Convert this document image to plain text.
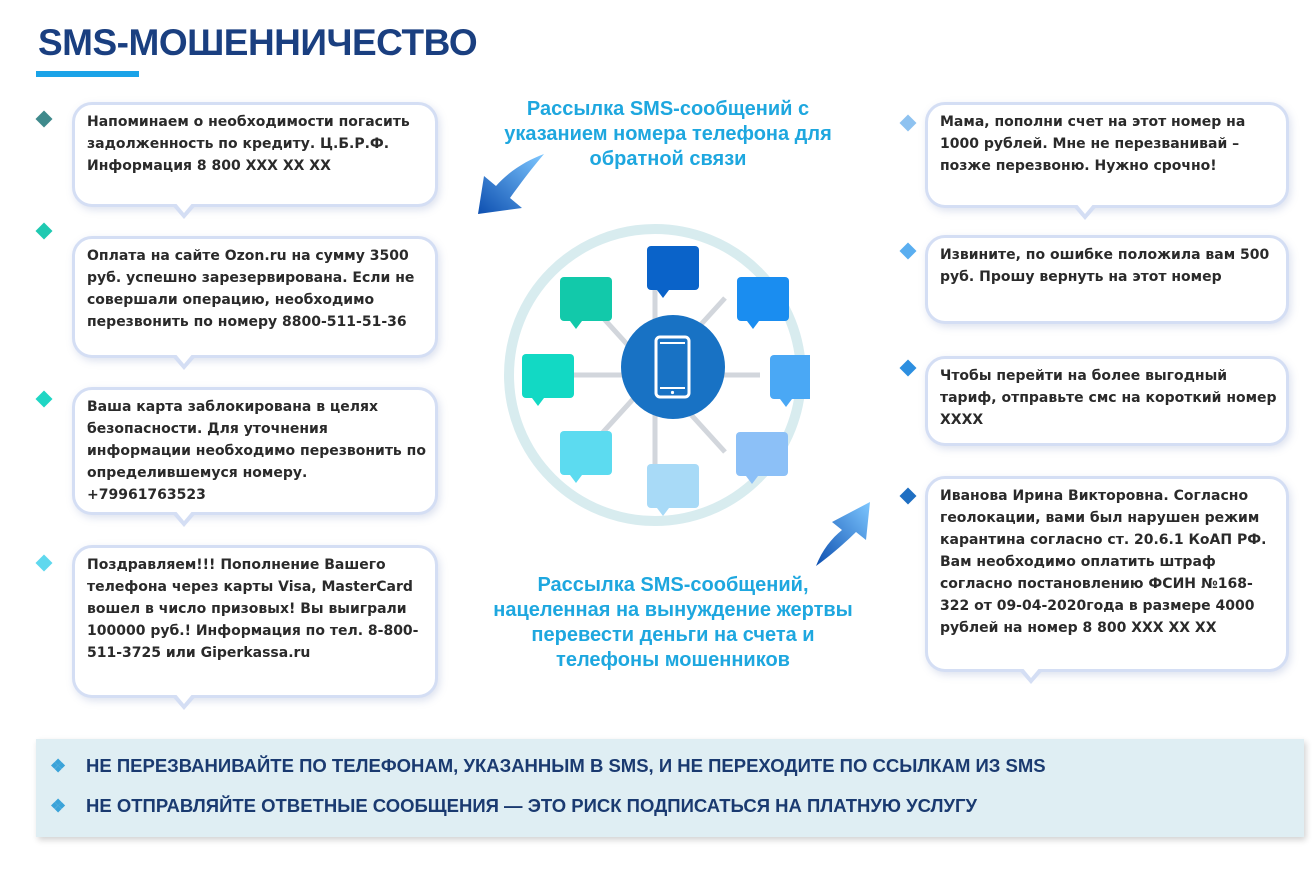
SMS-МОШЕННИЧЕСТВО
Напоминаем о необходимости погасить задолженность по кредиту. Ц.Б.Р.Ф.
Информация 8 800 XXX XX XX
Оплата на сайте Ozon.ru на сумму 3500 руб. успешно зарезервирована. Если не совершали операцию, необходимо перезвонить по номеру 8800-511-51-36
Ваша карта заблокирована в целях безопасности. Для уточнения информации необходимо перезвонить по определившемуся номеру. +79961763523
Поздравляем!!! Пополнение Вашего телефона через карты Visa, MasterCard вошел в число призовых! Вы выиграли 100000 руб.! Информация по тел. 8-800-511-3725 или Giperkassa.ru
Мама, пополни счет на этот номер на 1000 рублей. Мне не перезванивай – позже перезвоню. Нужно срочно!
Извините, по ошибке положила вам 500 руб. Прошу вернуть на этот номер
Чтобы перейти на более выгодный тариф, отправьте смс на короткий номер ХХХХ
Иванова Ирина Викторовна. Согласно геолокации, вами был нарушен режим карантина согласно ст. 20.6.1 КоАП РФ. Вам необходимо оплатить штраф согласно постановлению ФСИН №168-322 от 09-04-2020года в размере 4000 рублей на номер 8 800 XXX XX XX
Рассылка SMS-сообщений с
указанием номера телефона для
обратной связи
Рассылка SMS-сообщений,
нацеленная на вынуждение жертвы
перевести деньги на счета и
телефоны мошенников
❖	НЕ ПЕРЕЗВАНИВАЙТЕ ПО ТЕЛЕФОНАМ, УКАЗАННЫМ В SMS, И НЕ ПЕРЕХОДИТЕ ПО ССЫЛКАМ ИЗ SMS
❖	НЕ ОТПРАВЛЯЙТЕ ОТВЕТНЫЕ СООБЩЕНИЯ — ЭТО РИСК ПОДПИСАТЬСЯ НА ПЛАТНУЮ УСЛУГУ
